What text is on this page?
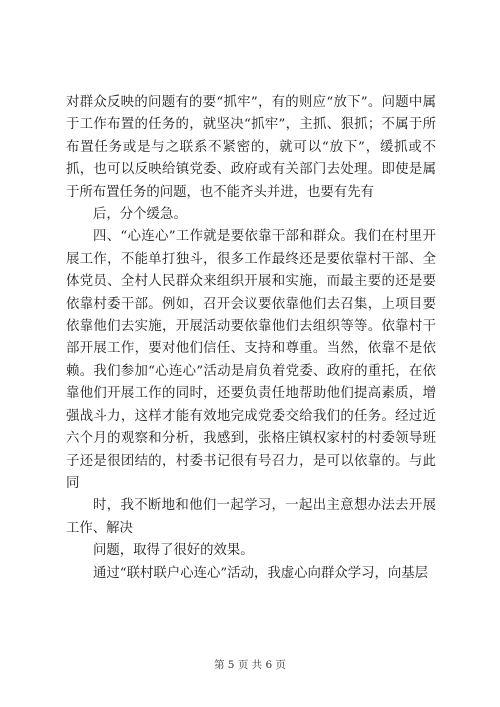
对群众反映的问题有的要“抓牢”，有的则应“放下”。问题中属于工作布置的任务的，就坚决“抓牢”，主抓、狠抓；不属于所布置任务或是与之联系不紧密的，就可以“放下”，缓抓或不抓，也可以反映给镇党委、政府或有关部门去处理。即使是属于所布置任务的问题，也不能齐头并进，也要有先有

后，分个缓急。

四、“心连心”工作就是要依靠干部和群众。我们在村里开展工作，不能单打独斗，很多工作最终还是要依靠村干部、全体党员、全村人民群众来组织开展和实施，而最主要的还是要依靠村委干部。例如，召开会议要依靠他们去召集，上项目要依靠他们去实施，开展活动要依靠他们去组织等等。依靠村干部开展工作，要对他们信任、支持和尊重。当然，依靠不是依赖。我们参加“心连心”活动是肩负着党委、政府的重托，在依靠他们开展工作的同时，还要负责任地帮助他们提高素质，增强战斗力，这样才能有效地完成党委交给我们的任务。经过近六个月的观察和分析，我感到，张格庄镇权家村的村委领导班子还是很团结的，村委书记很有号召力，是可以依靠的。与此同

时，我不断地和他们一起学习，一起出主意想办法去开展工作、解决

问题，取得了很好的效果。

通过“联村联户心连心”活动，我虚心向群众学习，向基层

第 5 页 共 6 页
